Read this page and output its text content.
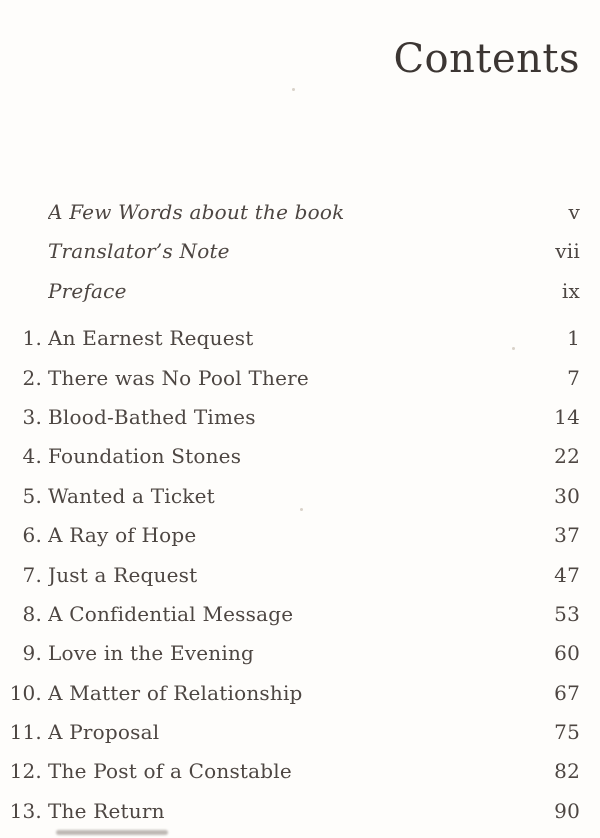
Contents
A Few Words about the book	v
Translator’s Note	vii
Preface	ix
1. An Earnest Request	1
2. There was No Pool There	7
3. Blood-Bathed Times	14
4. Foundation Stones	22
5. Wanted a Ticket	30
6. A Ray of Hope	37
7. Just a Request	47
8. A Confidential Message	53
9. Love in the Evening	60
10. A Matter of Relationship	67
11. A Proposal	75
12. The Post of a Constable	82
13. The Return	90
